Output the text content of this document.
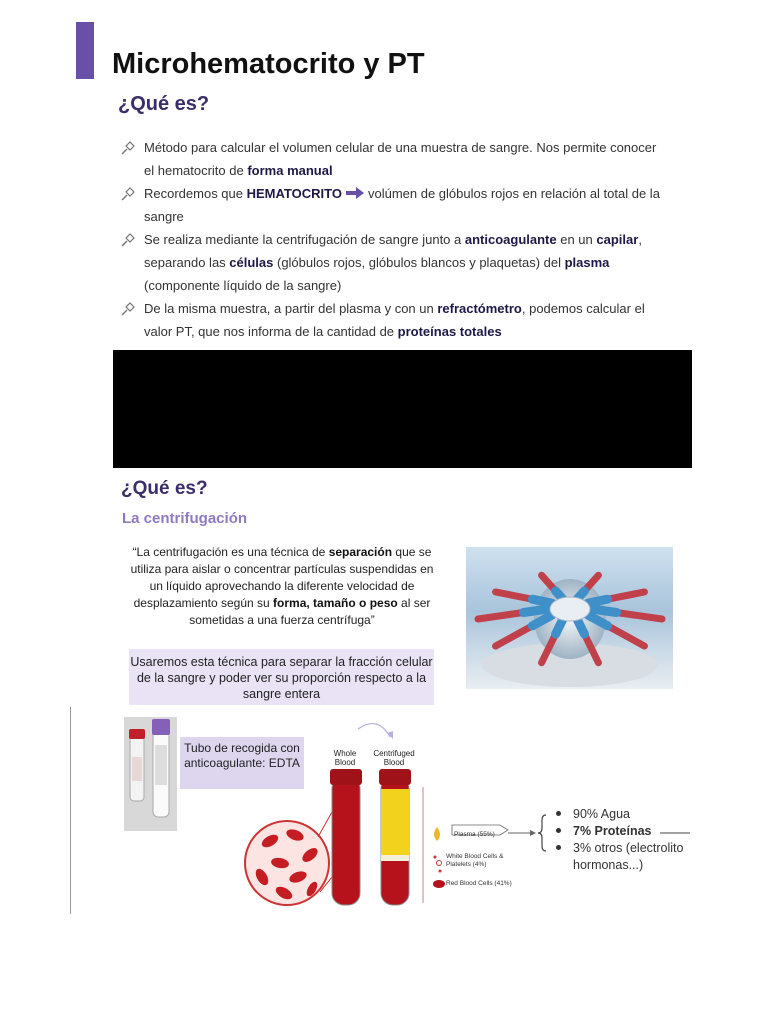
Microhematocrito y PT
¿Qué es?
Método para calcular el volumen celular de una muestra de sangre. Nos permite conocer el hematocrito de forma manual
Recordemos que HEMATOCRITO volúmen de glóbulos rojos en relación al total de la sangre
Se realiza mediante la centrifugación de sangre junto a anticoagulante en un capilar, separando las células (glóbulos rojos, glóbulos blancos y plaquetas) del plasma (componente líquido de la sangre)
De la misma muestra, a partir del plasma y con un refractómetro, podemos calcular el valor PT, que nos informa de la cantidad de proteínas totales
¿Qué es?
La centrifugación
“La centrifugación es una técnica de separación que se utiliza para aislar o concentrar partículas suspendidas en un líquido aprovechando la diferente velocidad de desplazamiento según su forma, tamaño o peso al ser sometidas a una fuerza centrífuga”
Usaremos esta técnica para separar la fracción celular de la sangre y poder ver su proporción respecto a la sangre entera
Tubo de recogida con anticoagulante: EDTA
Whole Blood
Centrifuged Blood
Plasma (55%)
White Blood Cells & Platelets (4%)
Red Blood Cells (41%)
90% Agua
7% Proteínas
3% otros (electrolito
hormonas...)
